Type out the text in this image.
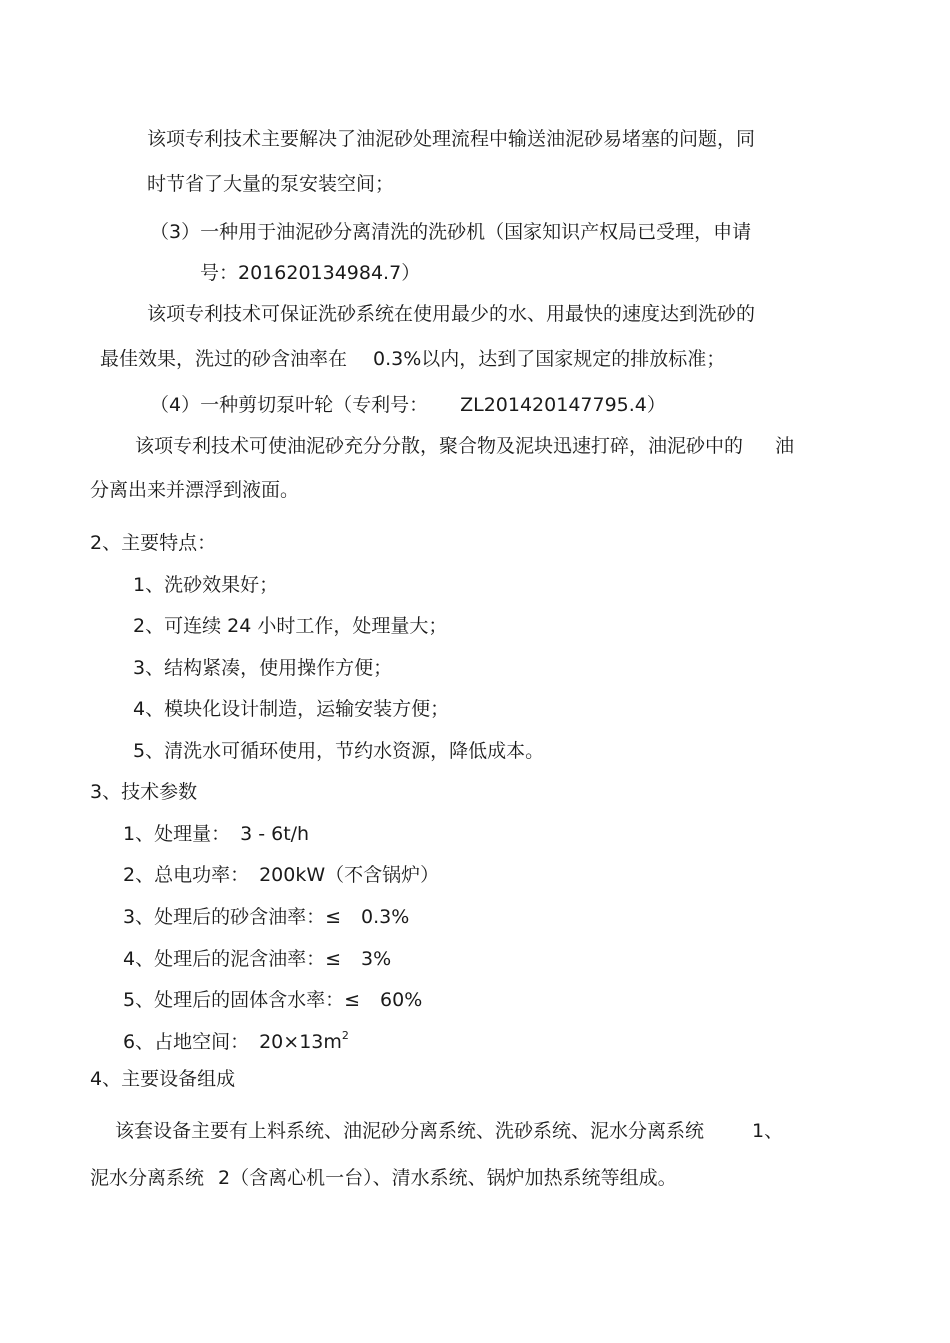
该项专利技术主要解决了油泥砂处理流程中输送油泥砂易堵塞的问题，同
时节省了大量的泵安装空间；
（3）一种用于油泥砂分离清洗的洗砂机（国家知识产权局已受理，申请
号：201620134984.7）
该项专利技术可保证洗砂系统在使用最少的水、用最快的速度达到洗砂的
最佳效果，洗过的砂含油率在 0.3%以内，达到了国家规定的排放标准；
（4）一种剪切泵叶轮（专利号： ZL201420147795.4）
该项专利技术可使油泥砂充分分散，聚合物及泥块迅速打碎，油泥砂中的 油
分离出来并漂浮到液面。
2、主要特点：
1、洗砂效果好；
2、可连续 24 小时工作，处理量大；
3、结构紧凑，使用操作方便；
4、模块化设计制造，运输安装方便；
5、清洗水可循环使用，节约水资源，降低成本。
3、技术参数
1、处理量： 3 - 6t/h
2、总电功率： 200kW（不含锅炉）
3、处理后的砂含油率：≤ 0.3%
4、处理后的泥含油率：≤ 3%
5、处理后的固体含水率：≤ 60%
6、占地空间： $20\times 13m^2$
4、主要设备组成
该套设备主要有上料系统、油泥砂分离系统、洗砂系统、泥水分离系统	1、
泥水分离系统 2（含离心机一台）、清水系统、锅炉加热系统等组成。
